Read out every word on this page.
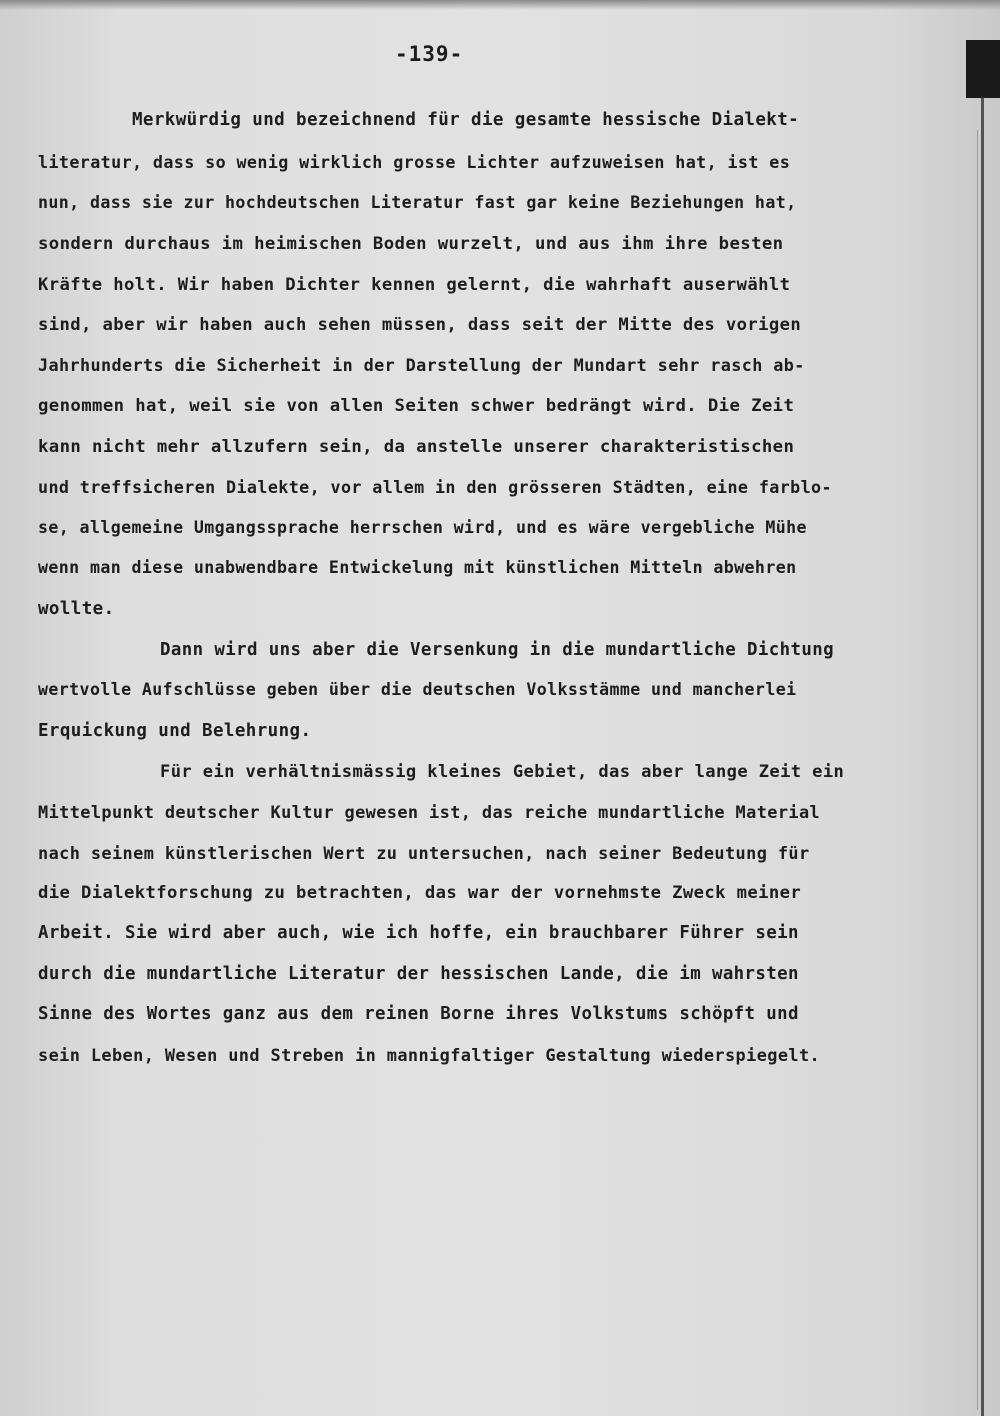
-139-

Merkwürdig und bezeichnend für die gesamte hessische Dialekt-

literatur, dass so wenig wirklich grosse Lichter aufzuweisen hat, ist es

nun, dass sie zur hochdeutschen Literatur fast gar keine Beziehungen hat,

sondern durchaus im heimischen Boden wurzelt, und aus ihm ihre besten

Kräfte holt. Wir haben Dichter kennen gelernt, die wahrhaft auserwählt

sind, aber wir haben auch sehen müssen, dass seit der Mitte des vorigen

Jahrhunderts die Sicherheit in der Darstellung der Mundart sehr rasch ab-

genommen hat, weil sie von allen Seiten schwer bedrängt wird. Die Zeit

kann nicht mehr allzufern sein, da anstelle unserer charakteristischen

und treffsicheren Dialekte, vor allem in den grösseren Städten, eine farblo-

se, allgemeine Umgangssprache herrschen wird, und es wäre vergebliche Mühe

wenn man diese unabwendbare Entwickelung mit künstlichen Mitteln abwehren

wollte.

Dann wird uns aber die Versenkung in die mundartliche Dichtung

wertvolle Aufschlüsse geben über die deutschen Volksstämme und mancherlei

Erquickung und Belehrung.

Für ein verhältnismässig kleines Gebiet, das aber lange Zeit ein

Mittelpunkt deutscher Kultur gewesen ist, das reiche mundartliche Material

nach seinem künstlerischen Wert zu untersuchen, nach seiner Bedeutung für

die Dialektforschung zu betrachten, das war der vornehmste Zweck meiner

Arbeit. Sie wird aber auch, wie ich hoffe, ein brauchbarer Führer sein

durch die mundartliche Literatur der hessischen Lande, die im wahrsten

Sinne des Wortes ganz aus dem reinen Borne ihres Volkstums schöpft und

sein Leben, Wesen und Streben in mannigfaltiger Gestaltung wiederspiegelt.
